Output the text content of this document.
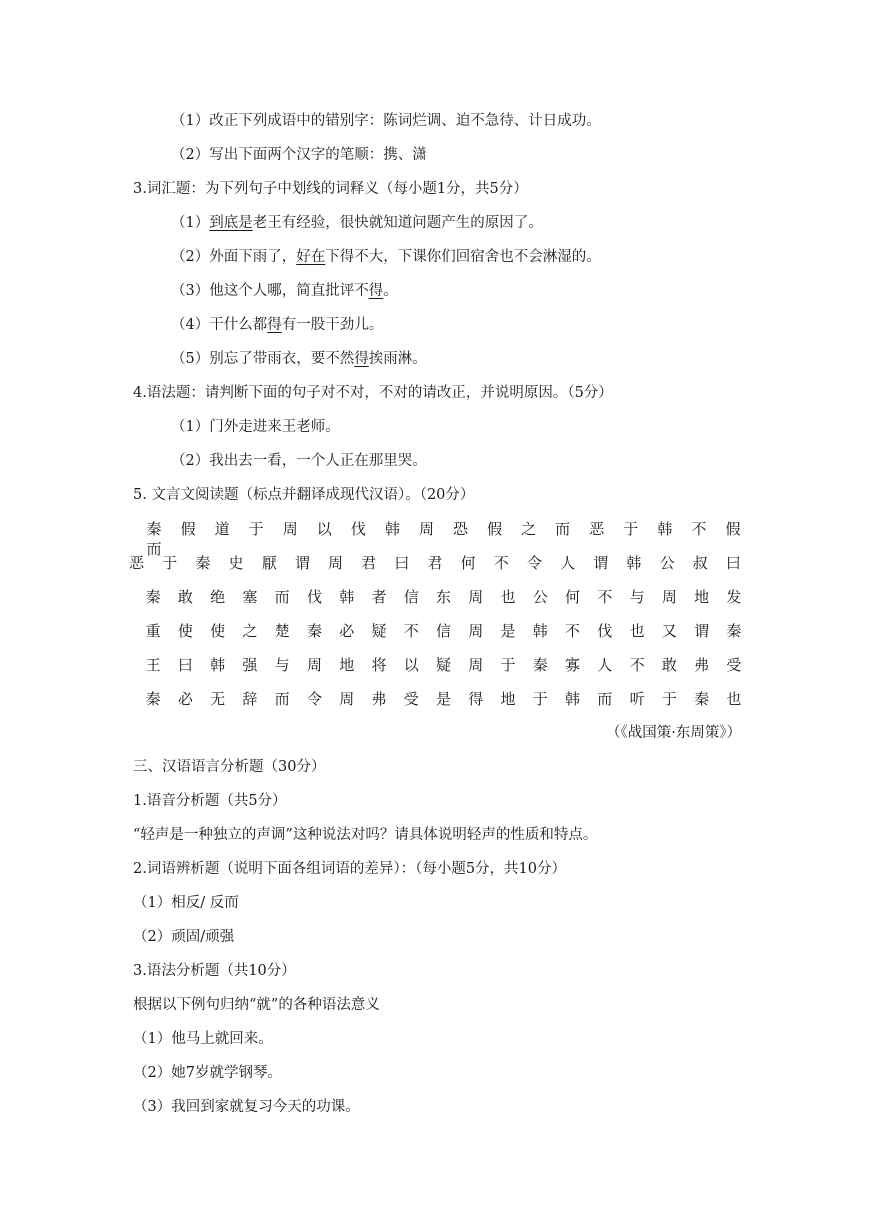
（1）改正下列成语中的错别字：陈词烂调、迫不急待、计日成功。
（2）写出下面两个汉字的笔顺：携、潇
3.词汇题：为下列句子中划线的词释义（每小题1分，共5分）
（1）到底是老王有经验，很快就知道问题产生的原因了。
（2）外面下雨了，好在下得不大，下课你们回宿舍也不会淋湿的。
（3）他这个人哪，简直批评不得。
（4）干什么都得有一股干劲儿。
（5）别忘了带雨衣，要不然得挨雨淋。
4.语法题：请判断下面的句子对不对，不对的请改正，并说明原因。（5分）
（1）门外走进来王老师。
（2）我出去一看，一个人正在那里哭。
5. 文言文阅读题（标点并翻译成现代汉语）。（20分）
秦	假	道	于	周	以	伐	韩	周	恐	假	之	而	恶	于	韩	不	假
而
恶	于	秦	史	厭	谓	周	君	曰	君	何	不	令	人	谓	韩	公	叔	曰
秦	敢	绝	塞	而	伐	韩	者	信	东	周	也	公	何	不	与	周	地	发
重	使	使	之	楚	秦	必	疑	不	信	周	是	韩	不	伐	也	又	谓	秦
王	曰	韩	强	与	周	地	将	以	疑	周	于	秦	寡	人	不	敢	弗	受
秦	必	无	辞	而	令	周	弗	受	是	得	地	于	韩	而	听	于	秦	也
（《战国策·东周策》）
三、汉语语言分析题（30分）
1.语音分析题（共5分）
“轻声是一种独立的声调”这种说法对吗？请具体说明轻声的性质和特点。
2.词语辨析题（说明下面各组词语的差异）：（每小题5分，共10分）
（1）相反/ 反而
（2）顽固/顽强
3.语法分析题（共10分）
根据以下例句归纳“就”的各种语法意义
（1）他马上就回来。
（2）她7岁就学钢琴。
（3）我回到家就复习今天的功课。
